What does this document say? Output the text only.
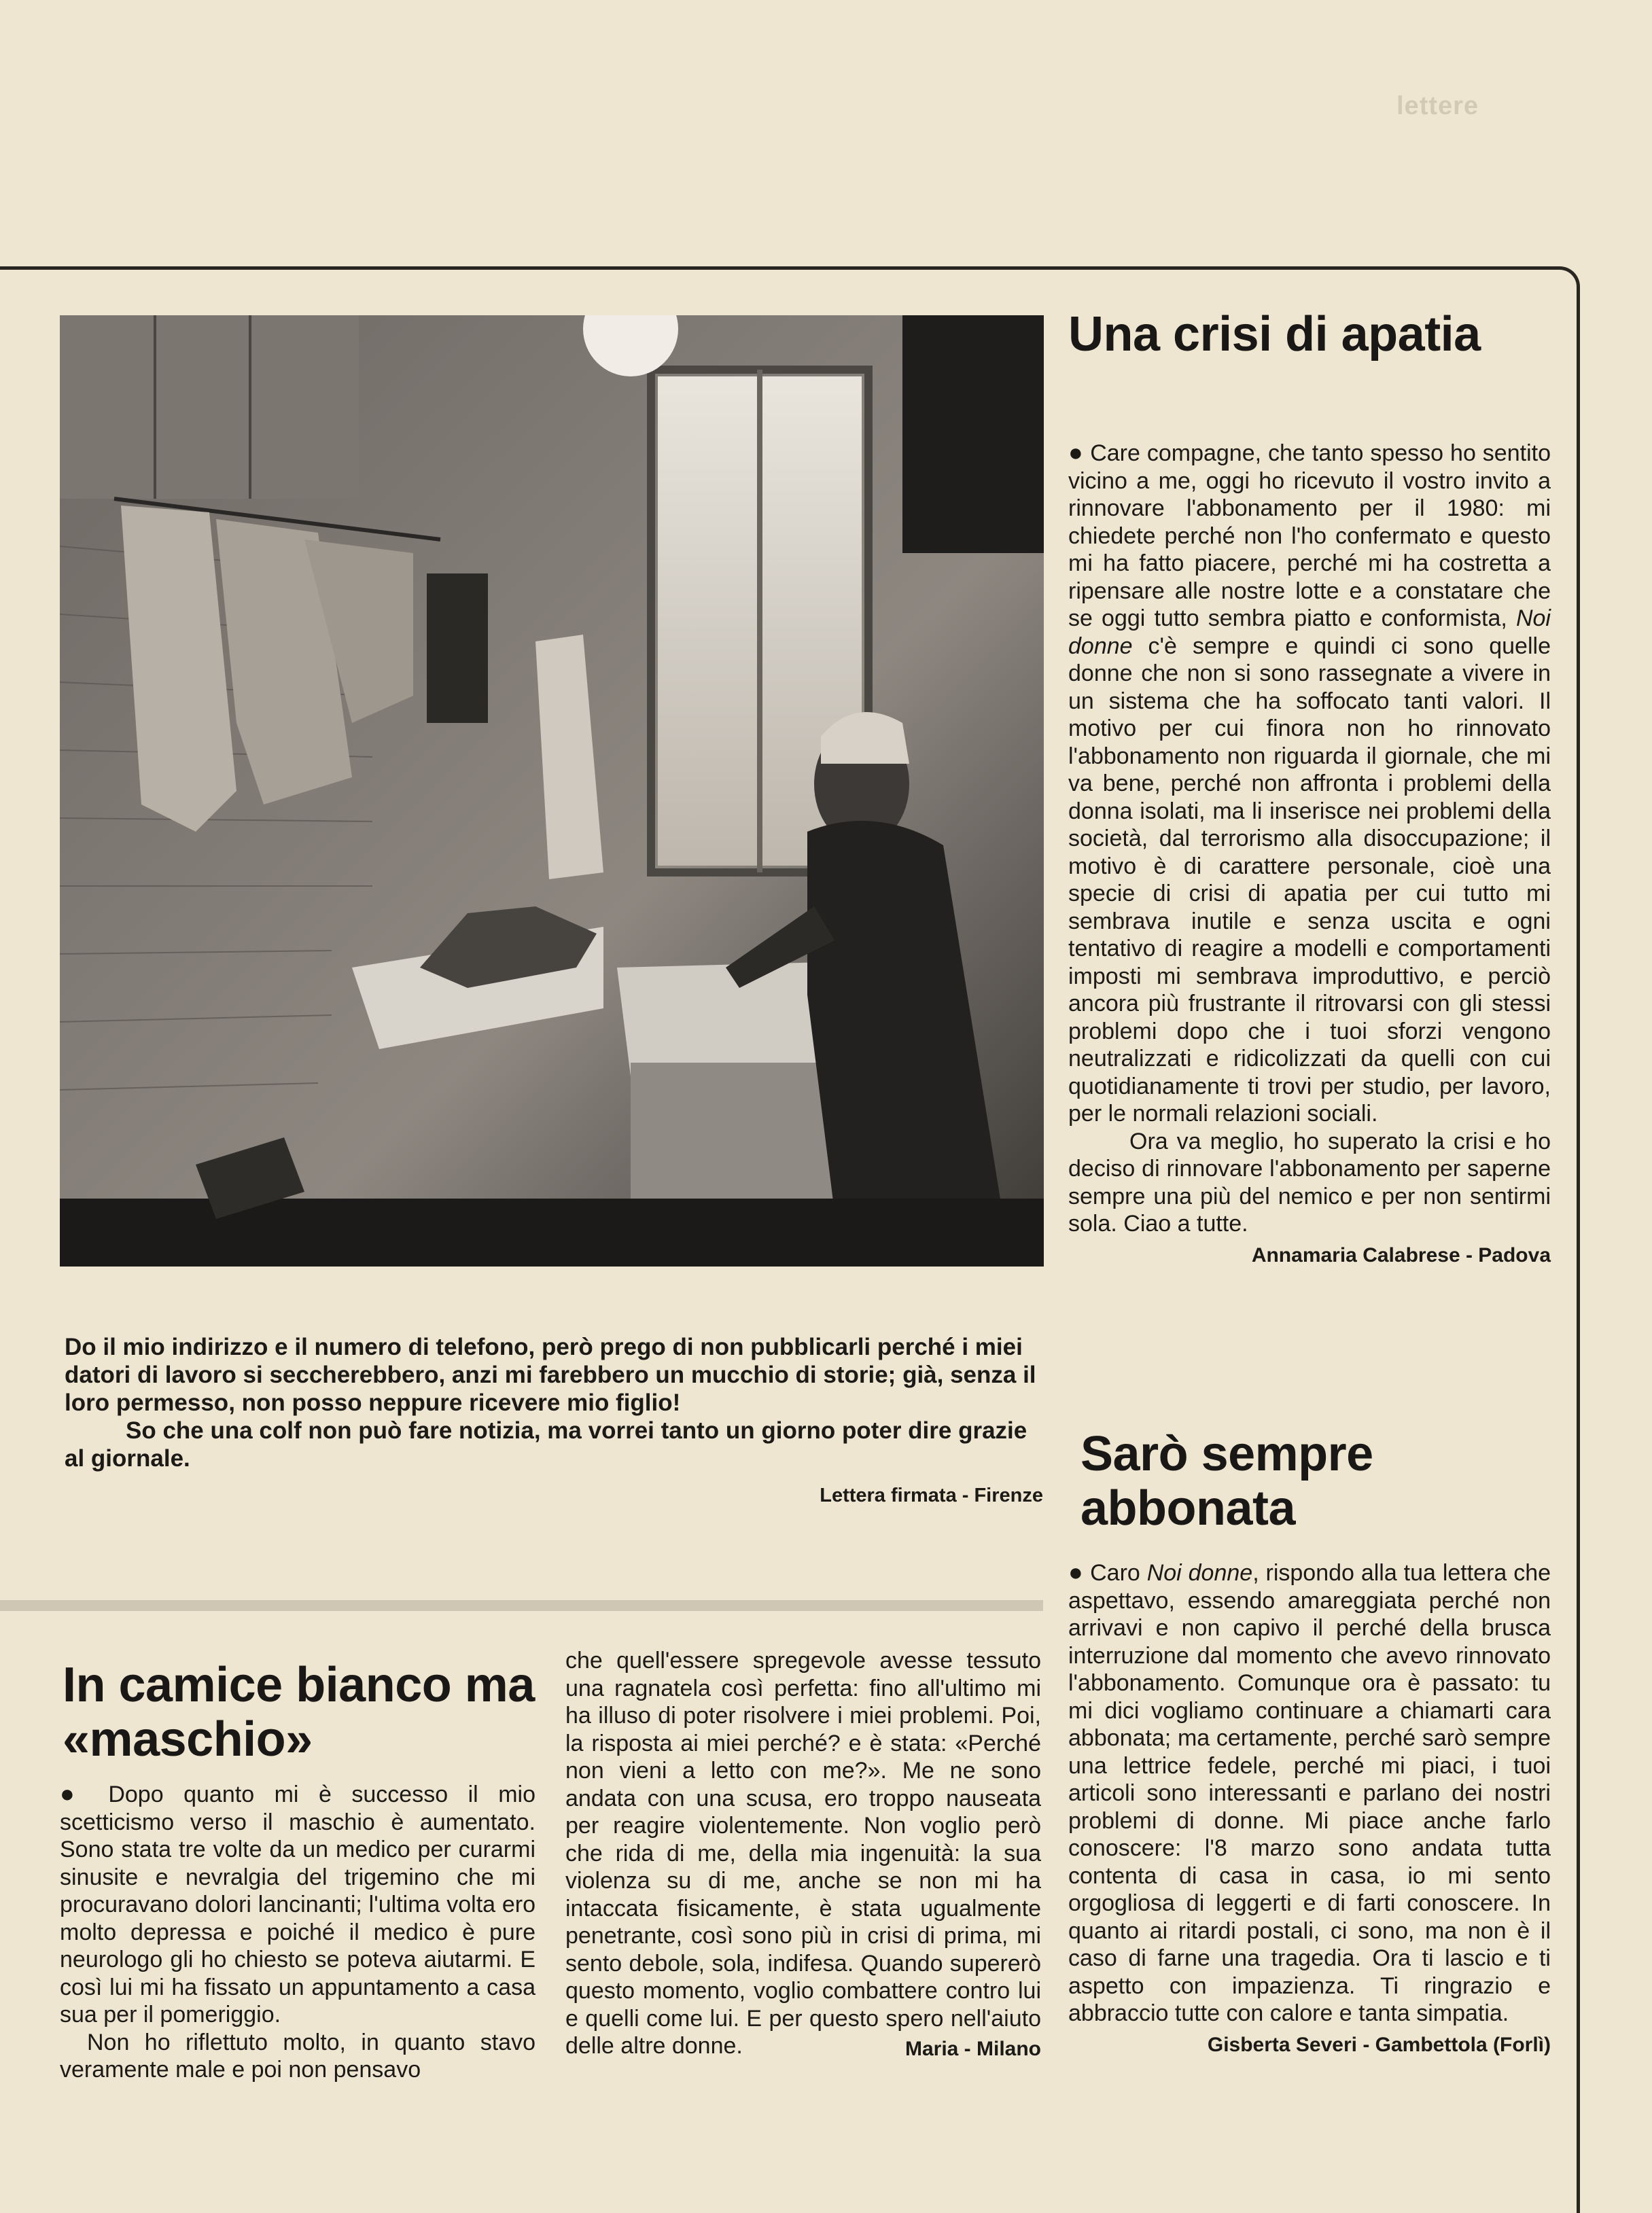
lettere

Do il mio indirizzo e il numero di telefono, però prego di non pubblicarli perché i miei datori di lavoro si seccherebbero, anzi mi farebbero un mucchio di storie; già, senza il loro permesso, non posso neppure ricevere mio figlio!

So che una colf non può fare notizia, ma vorrei tanto un giorno poter dire grazie al giornale.

Lettera firmata - Firenze
Una crisi di apatia

● Care compagne, che tanto spesso ho sentito vicino a me, oggi ho ricevuto il vostro invito a rinnovare l'abbonamento per il 1980: mi chiedete perché non l'ho confermato e questo mi ha fatto piacere, perché mi ha costretta a ripensare alle nostre lotte e a constatare che se oggi tutto sembra piatto e conformista, Noi donne c'è sempre e quindi ci sono quelle donne che non si sono rassegnate a vivere in un sistema che ha soffocato tanti valori. Il motivo per cui finora non ho rinnovato l'abbonamento non riguarda il giornale, che mi va bene, perché non affronta i problemi della donna isolati, ma li inserisce nei problemi della società, dal terrorismo alla disoccupazione; il motivo è di carattere personale, cioè una specie di crisi di apatia per cui tutto mi sembrava inutile e senza uscita e ogni tentativo di reagire a modelli e comportamenti imposti mi sembrava improduttivo, e perciò ancora più frustrante il ritrovarsi con gli stessi problemi dopo che i tuoi sforzi vengono neutralizzati e ridicolizzati da quelli con cui quotidianamente ti trovi per studio, per lavoro, per le normali relazioni sociali.

Ora va meglio, ho superato la crisi e ho deciso di rinnovare l'abbonamento per saperne sempre una più del nemico e per non sentirmi sola. Ciao a tutte.

Annamaria Calabrese - Padova
Sarò sempre abbonata

● Caro Noi donne, rispondo alla tua lettera che aspettavo, essendo amareggiata perché non arrivavi e non capivo il perché della brusca interruzione dal momento che avevo rinnovato l'abbonamento. Comunque ora è passato: tu mi dici vogliamo continuare a chiamarti cara abbonata; ma certamente, perché sarò sempre una lettrice fedele, perché mi piaci, i tuoi articoli sono interessanti e parlano dei nostri problemi di donne. Mi piace anche farlo conoscere: l'8 marzo sono andata tutta contenta di casa in casa, io mi sento orgogliosa di leggerti e di farti conoscere. In quanto ai ritardi postali, ci sono, ma non è il caso di farne una tragedia. Ora ti lascio e ti aspetto con impazienza. Ti ringrazio e abbraccio tutte con calore e tanta simpatia.

Gisberta Severi - Gambettola (Forlì)
In camice bianco ma «maschio»

● Dopo quanto mi è successo il mio scetticismo verso il maschio è aumentato. Sono stata tre volte da un medico per curarmi sinusite e nevralgia del trigemino che mi procuravano dolori lancinanti; l'ultima volta ero molto depressa e poiché il medico è pure neurologo gli ho chiesto se poteva aiutarmi. E così lui mi ha fissato un appuntamento a casa sua per il pomeriggio.

Non ho riflettuto molto, in quanto stavo veramente male e poi non pensavo

che quell'essere spregevole avesse tessuto una ragnatela così perfetta: fino all'ultimo mi ha illuso di poter risolvere i miei problemi. Poi, la risposta ai miei perché? e è stata: «Perché non vieni a letto con me?». Me ne sono andata con una scusa, ero troppo nauseata per reagire violentemente. Non voglio però che rida di me, della mia ingenuità: la sua violenza su di me, anche se non mi ha intaccata fisicamente, è stata ugualmente penetrante, così sono più in crisi di prima, mi sento debole, sola, indifesa. Quando supererò questo momento, voglio combattere contro lui e quelli come lui. E per questo spero nell'aiuto delle altre donne.	Maria - Milano
